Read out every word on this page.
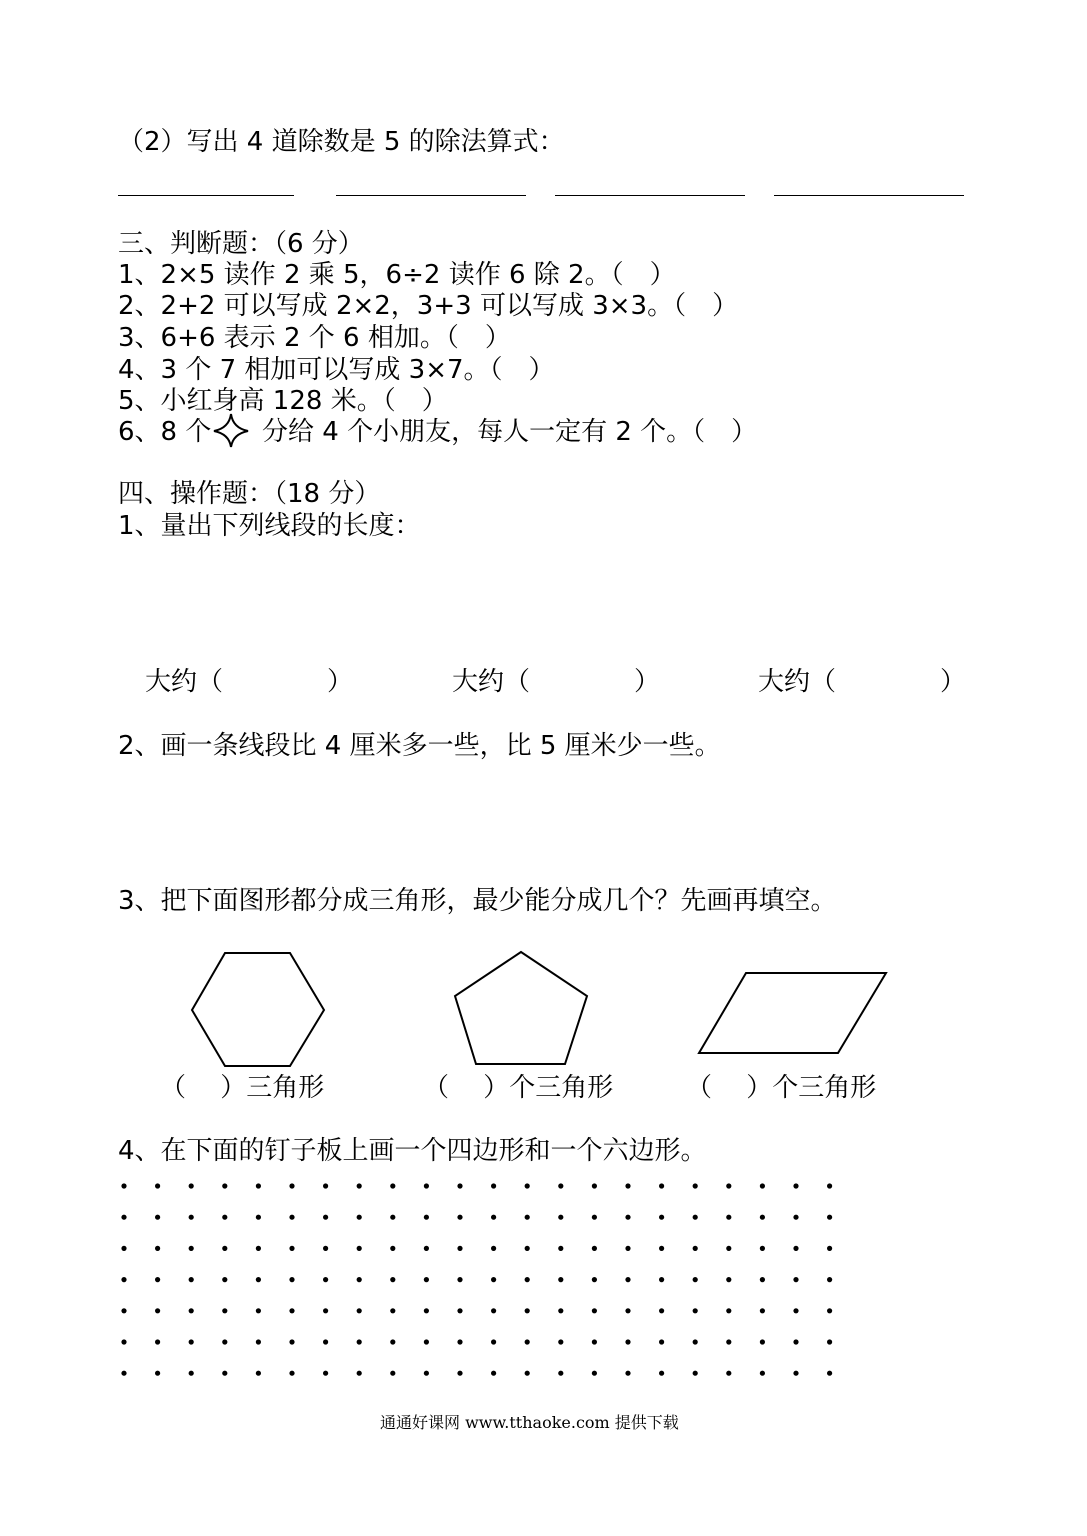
（2）写出 4 道除数是 5 的除法算式：
三、判断题：（6 分）
1、2×5 读作 2 乘 5，6÷2 读作 6 除 2。（　）
2、2+2 可以写成 2×2，3+3 可以写成 3×3。（　）
3、6+6 表示 2 个 6 相加。（　）
4、3 个 7 相加可以写成 3×7。（　）
5、小红身高 128 米。（　）
6、8 个 分给 4 个小朋友，每人一定有 2 个。（　）
四、操作题：（18 分）
1、量出下列线段的长度：
大约（　　　　）	大约（　　　　）	大约（　　　　）
2、画一条线段比 4 厘米多一些，比 5 厘米少一些。
3、把下面图形都分成三角形，最少能分成几个？先画再填空。
（　 ）三角形	（　 ）个三角形	（　 ）个三角形
4、在下面的钉子板上画一个四边形和一个六边形。
通通好课网 www.tthaoke.com 提供下载
